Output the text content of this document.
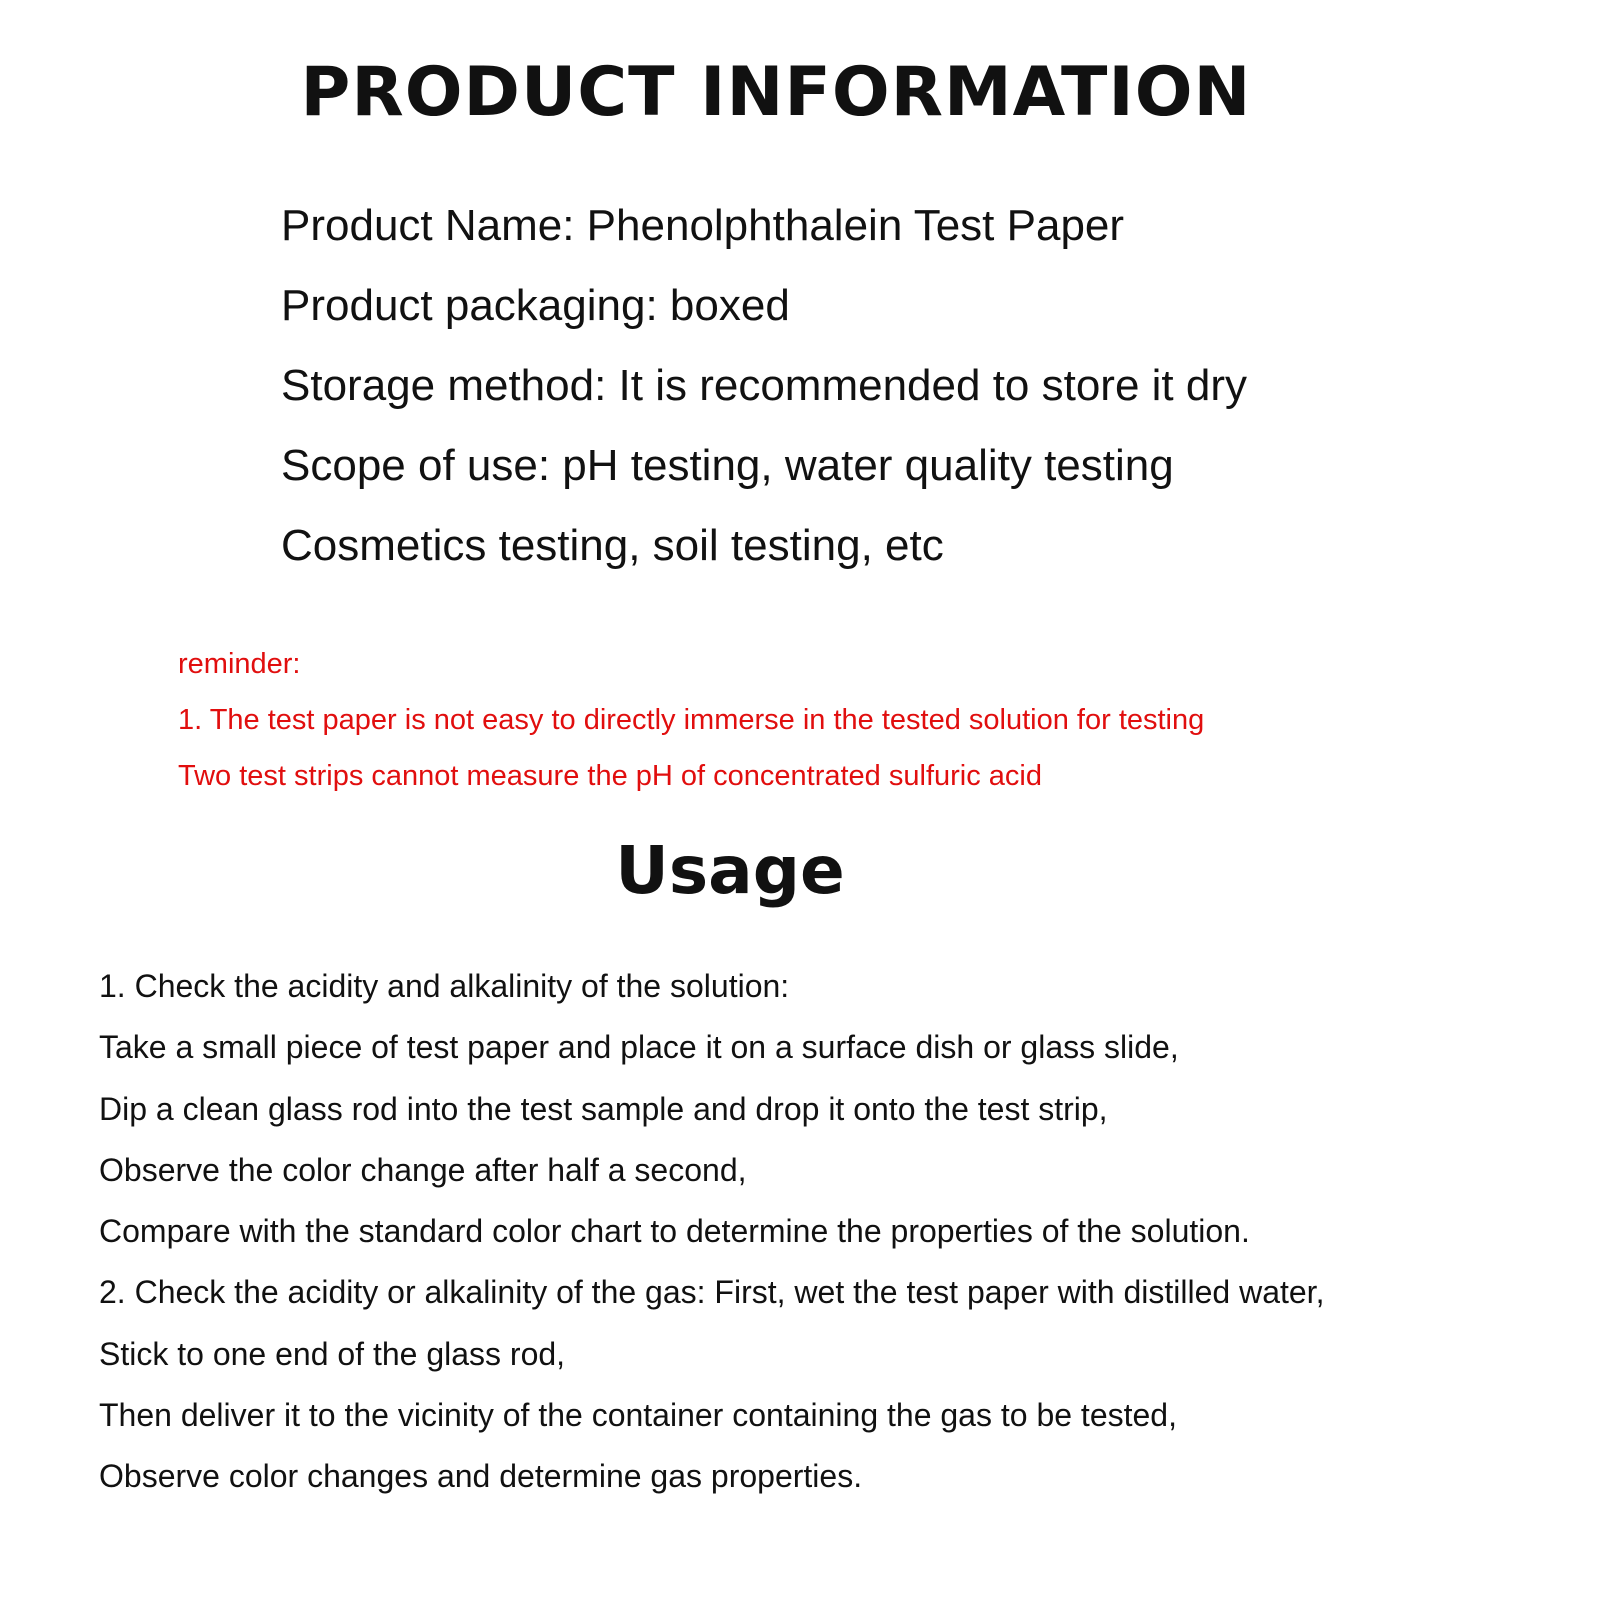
PRODUCT INFORMATION
Product Name: Phenolphthalein Test Paper
Product packaging: boxed
Storage method: It is recommended to store it dry
Scope of use: pH testing, water quality testing
Cosmetics testing, soil testing, etc
reminder:
1. The test paper is not easy to directly immerse in the tested solution for testing
Two test strips cannot measure the pH of concentrated sulfuric acid
Usage
1. Check the acidity and alkalinity of the solution:
Take a small piece of test paper and place it on a surface dish or glass slide,
Dip a clean glass rod into the test sample and drop it onto the test strip,
Observe the color change after half a second,
Compare with the standard color chart to determine the properties of the solution.
2. Check the acidity or alkalinity of the gas: First, wet the test paper with distilled water,
Stick to one end of the glass rod,
Then deliver it to the vicinity of the container containing the gas to be tested,
Observe color changes and determine gas properties.
